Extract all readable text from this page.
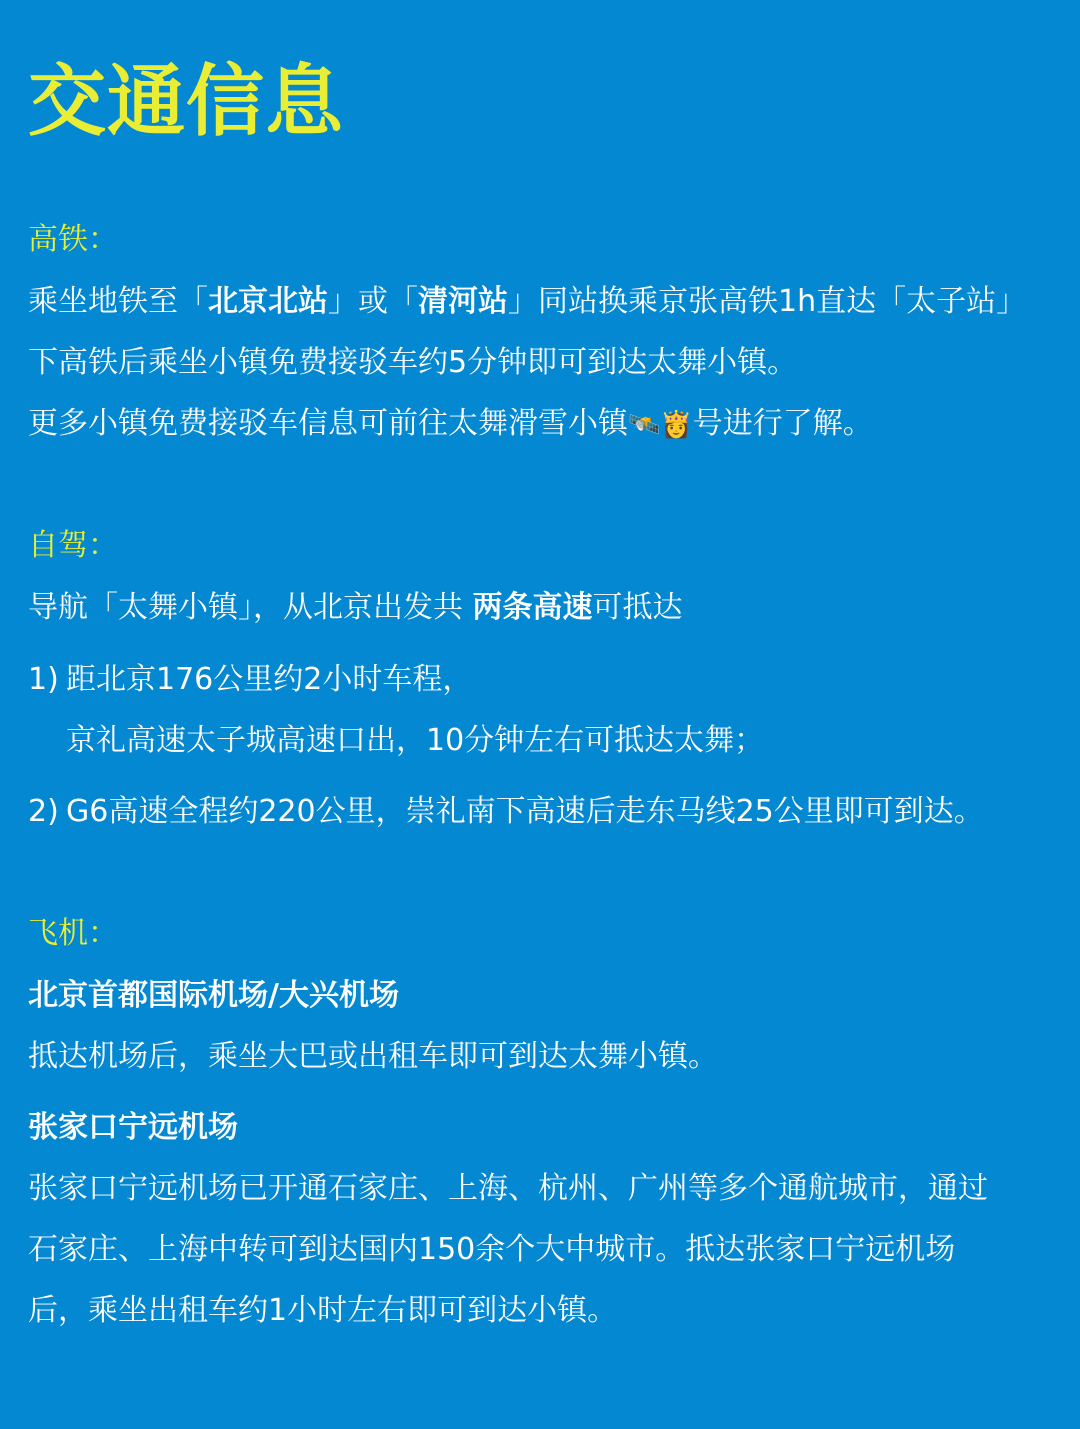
交通信息
高铁：
乘坐地铁至「北京北站」或「清河站」同站换乘京张高铁1h直达「太子站」
下高铁后乘坐小镇免费接驳车约5分钟即可到达太舞小镇。
更多小镇免费接驳车信息可前往太舞滑雪小镇🛰️👸号进行了解。
自驾：
导航「太舞小镇」，从北京出发共 两条高速可抵达
1) 距北京176公里约2小时车程，
京礼高速太子城高速口出，10分钟左右可抵达太舞；
2) G6高速全程约220公里，崇礼南下高速后走东马线25公里即可到达。
飞机：
北京首都国际机场/大兴机场
抵达机场后，乘坐大巴或出租车即可到达太舞小镇。
张家口宁远机场
张家口宁远机场已开通石家庄、上海、杭州、广州等多个通航城市，通过
石家庄、上海中转可到达国内150余个大中城市。抵达张家口宁远机场
后，乘坐出租车约1小时左右即可到达小镇。
